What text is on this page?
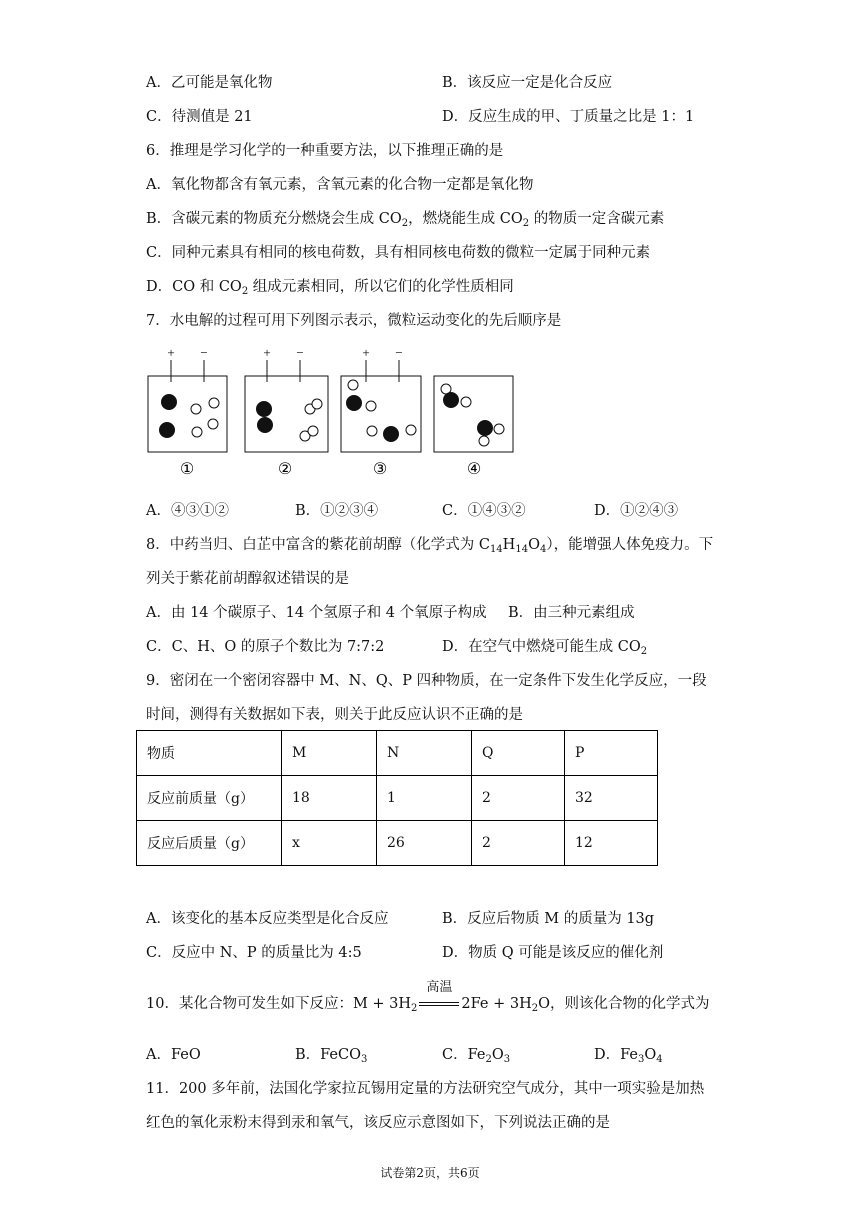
A．乙可能是氧化物	B．该反应一定是化合反应
C．待测值是 21	D．反应生成的甲、丁质量之比是 1：1
6．推理是学习化学的一种重要方法，以下推理正确的是
A．氧化物都含有氧元素，含氧元素的化合物一定都是氧化物
B．含碳元素的物质充分燃烧会生成 $CO_2$，燃烧能生成 $CO_2$ 的物质一定含碳元素
C．同种元素具有相同的核电荷数，具有相同核电荷数的微粒一定属于同种元素
D．CO 和 $CO_2$ 组成元素相同，所以它们的化学性质相同
7．水电解的过程可用下列图示表示，微粒运动变化的先后顺序是
+ −	+ −	+ −
①	②	③	④
A．④③①②	B．①②③④	C．①④③②	D．①②④③
8．中药当归、白芷中富含的紫花前胡醇（化学式为 $C_{14}H_{14}O_4$），能增强人体免疫力。下
列关于紫花前胡醇叙述错误的是
A．由 14 个碳原子、14 个氢原子和 4 个氧原子构成 B．由三种元素组成
C．C、H、O 的原子个数比为 7:7:2	D．在空气中燃烧可能生成 $CO_2$
9．密闭在一个密闭容器中 M、N、Q、P 四种物质，在一定条件下发生化学反应，一段
时间，测得有关数据如下表，则关于此反应认识不正确的是
物质	M	N	Q	P
反应前质量（g）	18	1	2	32
反应后质量（g）	x	26	2	12
A．该变化的基本反应类型是化合反应	B．反应后物质 M 的质量为 13g
C．反应中 N、P 的质量比为 4:5	D．物质 Q 可能是该反应的催化剂
10．某化合物可发生如下反应：$M + 3H_2$
高温
$2Fe + 3H_2O$，则该化合物的化学式为
A．FeO	B．FeCO$_3$	C．$Fe_2O_3$	D．$Fe_3O_4$
11．200 多年前，法国化学家拉瓦锡用定量的方法研究空气成分，其中一项实验是加热
红色的氧化汞粉末得到汞和氧气，该反应示意图如下，下列说法正确的是
试卷第2页，共6页
